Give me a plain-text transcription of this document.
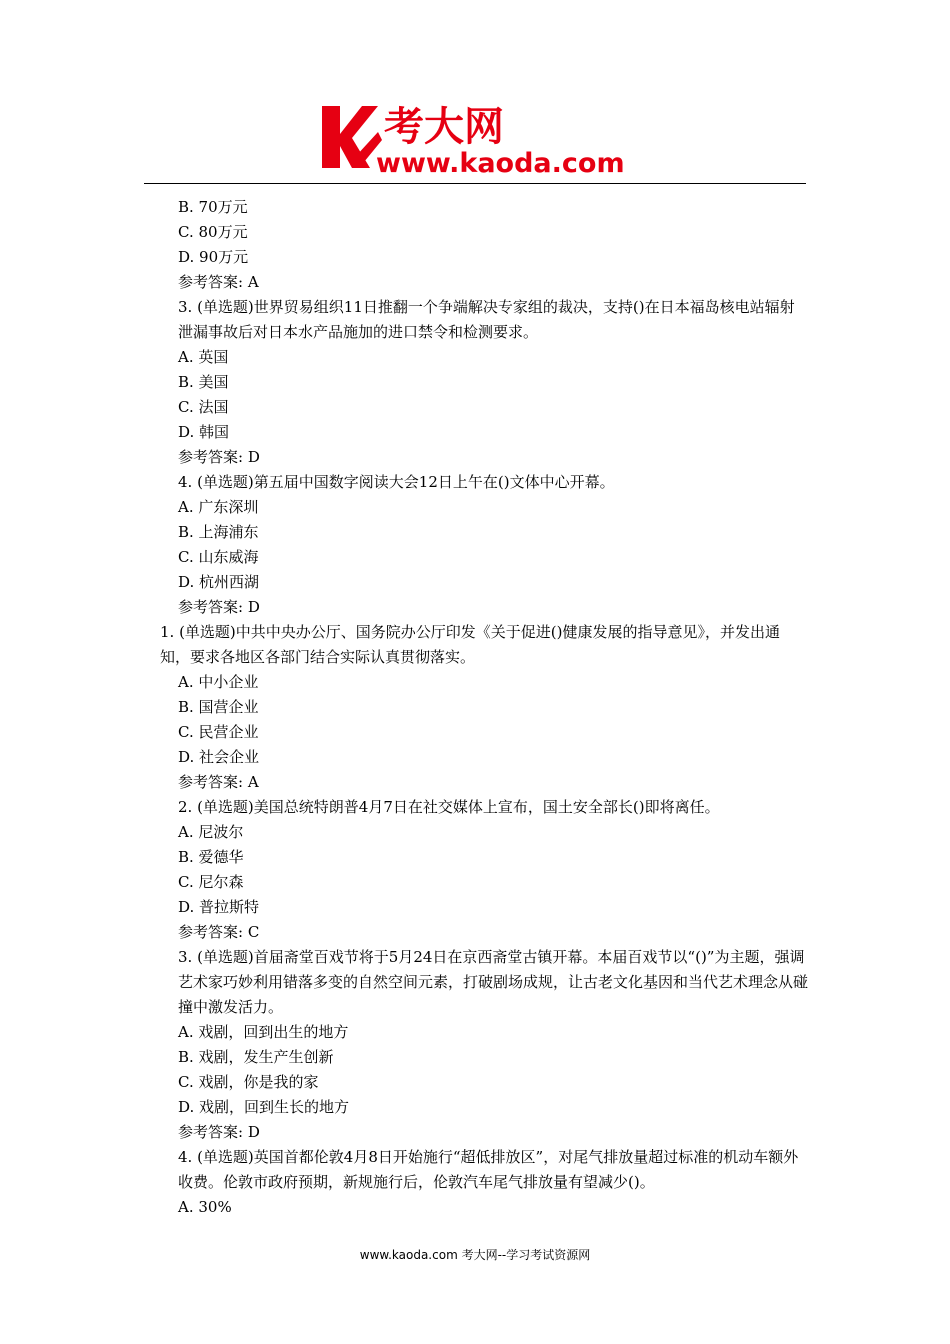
考大网
www.kaoda.com
B. 70万元
C. 80万元
D. 90万元
参考答案: A
3. (单选题)世界贸易组织11日推翻一个争端解决专家组的裁决，支持()在日本福岛核电站辐射泄漏事故后对日本水产品施加的进口禁令和检测要求。
A. 英国
B. 美国
C. 法国
D. 韩国
参考答案: D
4. (单选题)第五届中国数字阅读大会12日上午在()文体中心开幕。
A. 广东深圳
B. 上海浦东
C. 山东威海
D. 杭州西湖
参考答案: D
1. (单选题)中共中央办公厅、国务院办公厅印发《关于促进()健康发展的指导意见》，并发出通知，要求各地区各部门结合实际认真贯彻落实。
A. 中小企业
B. 国营企业
C. 民营企业
D. 社会企业
参考答案: A
2. (单选题)美国总统特朗普4月7日在社交媒体上宣布，国土安全部长()即将离任。
A. 尼波尔
B. 爱德华
C. 尼尔森
D. 普拉斯特
参考答案: C
3. (单选题)首届斋堂百戏节将于5月24日在京西斋堂古镇开幕。本届百戏节以“()”为主题，强调艺术家巧妙利用错落多变的自然空间元素，打破剧场成规，让古老文化基因和当代艺术理念从碰撞中激发活力。
A. 戏剧，回到出生的地方
B. 戏剧，发生产生创新
C. 戏剧，你是我的家
D. 戏剧，回到生长的地方
参考答案: D
4. (单选题)英国首都伦敦4月8日开始施行“超低排放区”，对尾气排放量超过标准的机动车额外收费。伦敦市政府预期，新规施行后，伦敦汽车尾气排放量有望减少()。
A. 30%
www.kaoda.com 考大网--学习考试资源网
